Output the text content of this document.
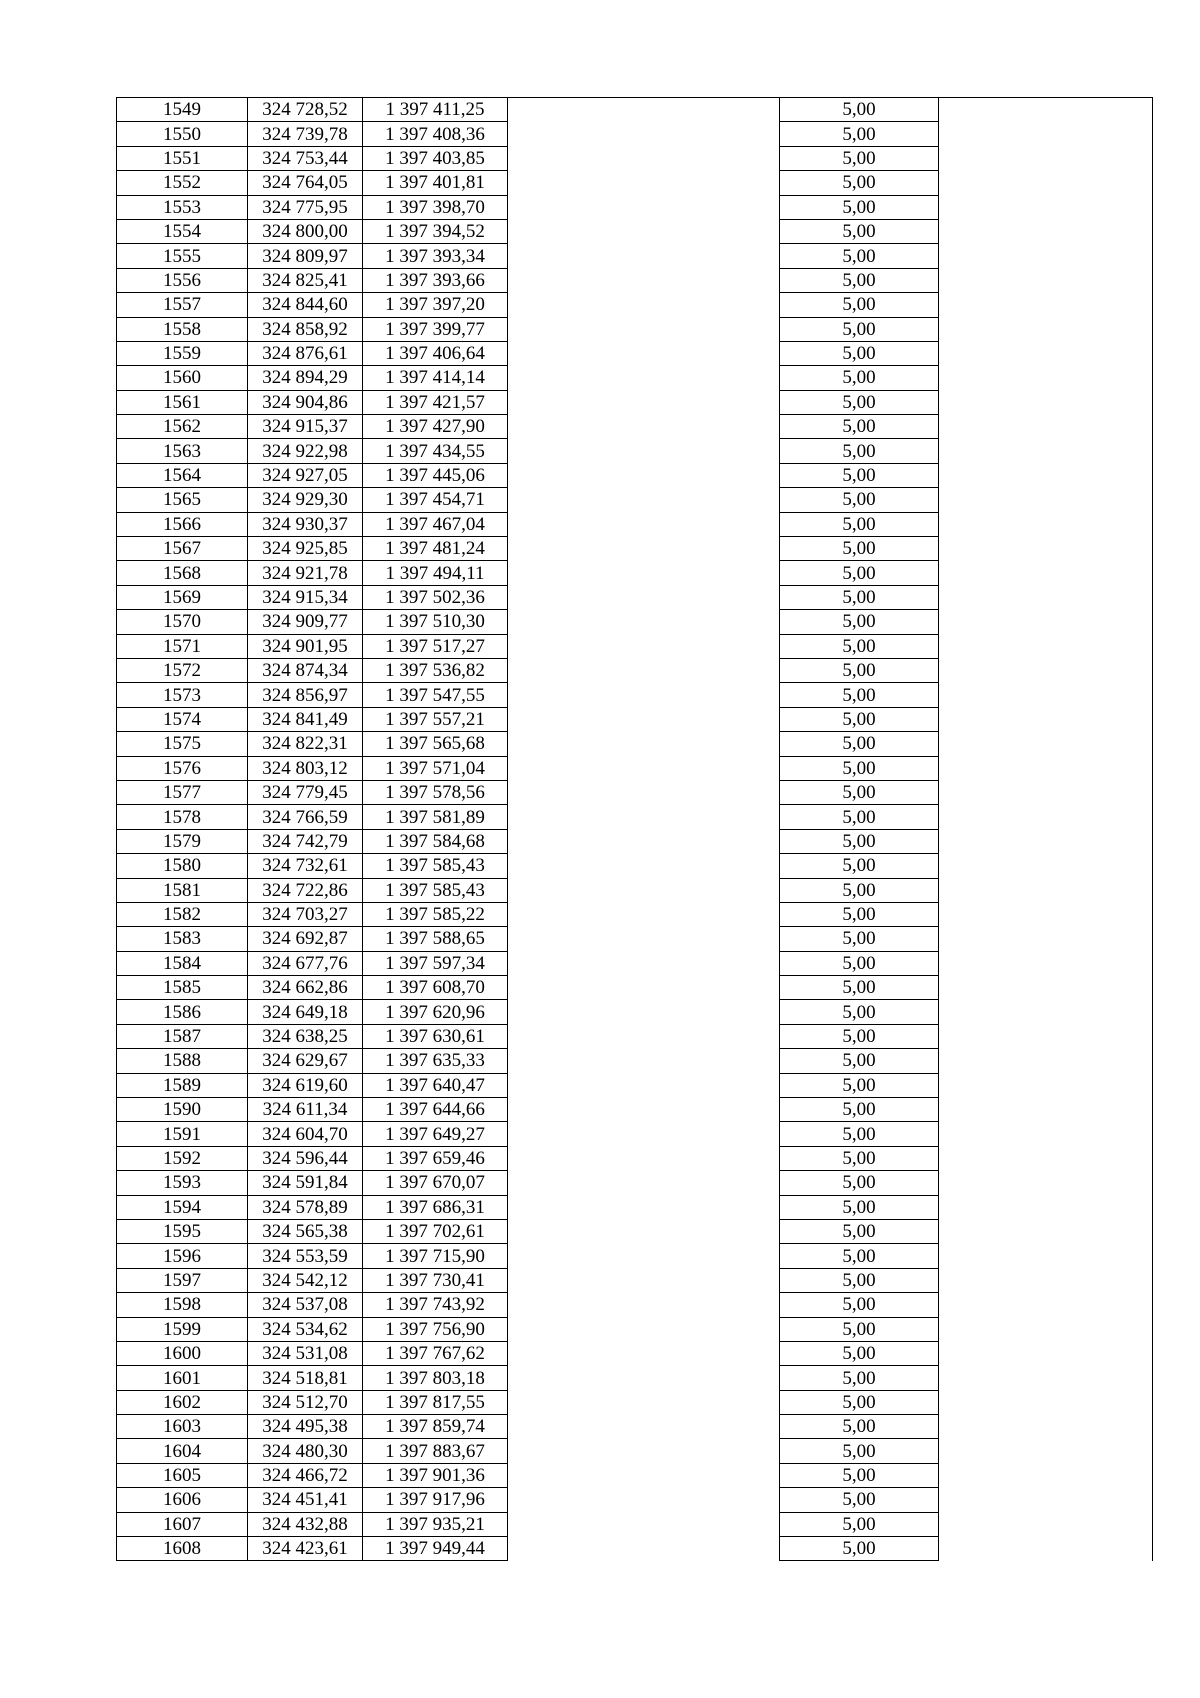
1549	324 728,52	1 397 411,25		5,00	
1550	324 739,78	1 397 408,36		5,00	
1551	324 753,44	1 397 403,85		5,00	
1552	324 764,05	1 397 401,81		5,00	
1553	324 775,95	1 397 398,70		5,00	
1554	324 800,00	1 397 394,52		5,00	
1555	324 809,97	1 397 393,34		5,00	
1556	324 825,41	1 397 393,66		5,00	
1557	324 844,60	1 397 397,20		5,00	
1558	324 858,92	1 397 399,77		5,00	
1559	324 876,61	1 397 406,64		5,00	
1560	324 894,29	1 397 414,14		5,00	
1561	324 904,86	1 397 421,57		5,00	
1562	324 915,37	1 397 427,90		5,00	
1563	324 922,98	1 397 434,55		5,00	
1564	324 927,05	1 397 445,06		5,00	
1565	324 929,30	1 397 454,71		5,00	
1566	324 930,37	1 397 467,04		5,00	
1567	324 925,85	1 397 481,24		5,00	
1568	324 921,78	1 397 494,11		5,00	
1569	324 915,34	1 397 502,36		5,00	
1570	324 909,77	1 397 510,30		5,00	
1571	324 901,95	1 397 517,27		5,00	
1572	324 874,34	1 397 536,82		5,00	
1573	324 856,97	1 397 547,55		5,00	
1574	324 841,49	1 397 557,21		5,00	
1575	324 822,31	1 397 565,68		5,00	
1576	324 803,12	1 397 571,04		5,00	
1577	324 779,45	1 397 578,56		5,00	
1578	324 766,59	1 397 581,89		5,00	
1579	324 742,79	1 397 584,68		5,00	
1580	324 732,61	1 397 585,43		5,00	
1581	324 722,86	1 397 585,43		5,00	
1582	324 703,27	1 397 585,22		5,00	
1583	324 692,87	1 397 588,65		5,00	
1584	324 677,76	1 397 597,34		5,00	
1585	324 662,86	1 397 608,70		5,00	
1586	324 649,18	1 397 620,96		5,00	
1587	324 638,25	1 397 630,61		5,00	
1588	324 629,67	1 397 635,33		5,00	
1589	324 619,60	1 397 640,47		5,00	
1590	324 611,34	1 397 644,66		5,00	
1591	324 604,70	1 397 649,27		5,00	
1592	324 596,44	1 397 659,46		5,00	
1593	324 591,84	1 397 670,07		5,00	
1594	324 578,89	1 397 686,31		5,00	
1595	324 565,38	1 397 702,61		5,00	
1596	324 553,59	1 397 715,90		5,00	
1597	324 542,12	1 397 730,41		5,00	
1598	324 537,08	1 397 743,92		5,00	
1599	324 534,62	1 397 756,90		5,00	
1600	324 531,08	1 397 767,62		5,00	
1601	324 518,81	1 397 803,18		5,00	
1602	324 512,70	1 397 817,55		5,00	
1603	324 495,38	1 397 859,74		5,00	
1604	324 480,30	1 397 883,67		5,00	
1605	324 466,72	1 397 901,36		5,00	
1606	324 451,41	1 397 917,96		5,00	
1607	324 432,88	1 397 935,21		5,00	
1608	324 423,61	1 397 949,44		5,00	
